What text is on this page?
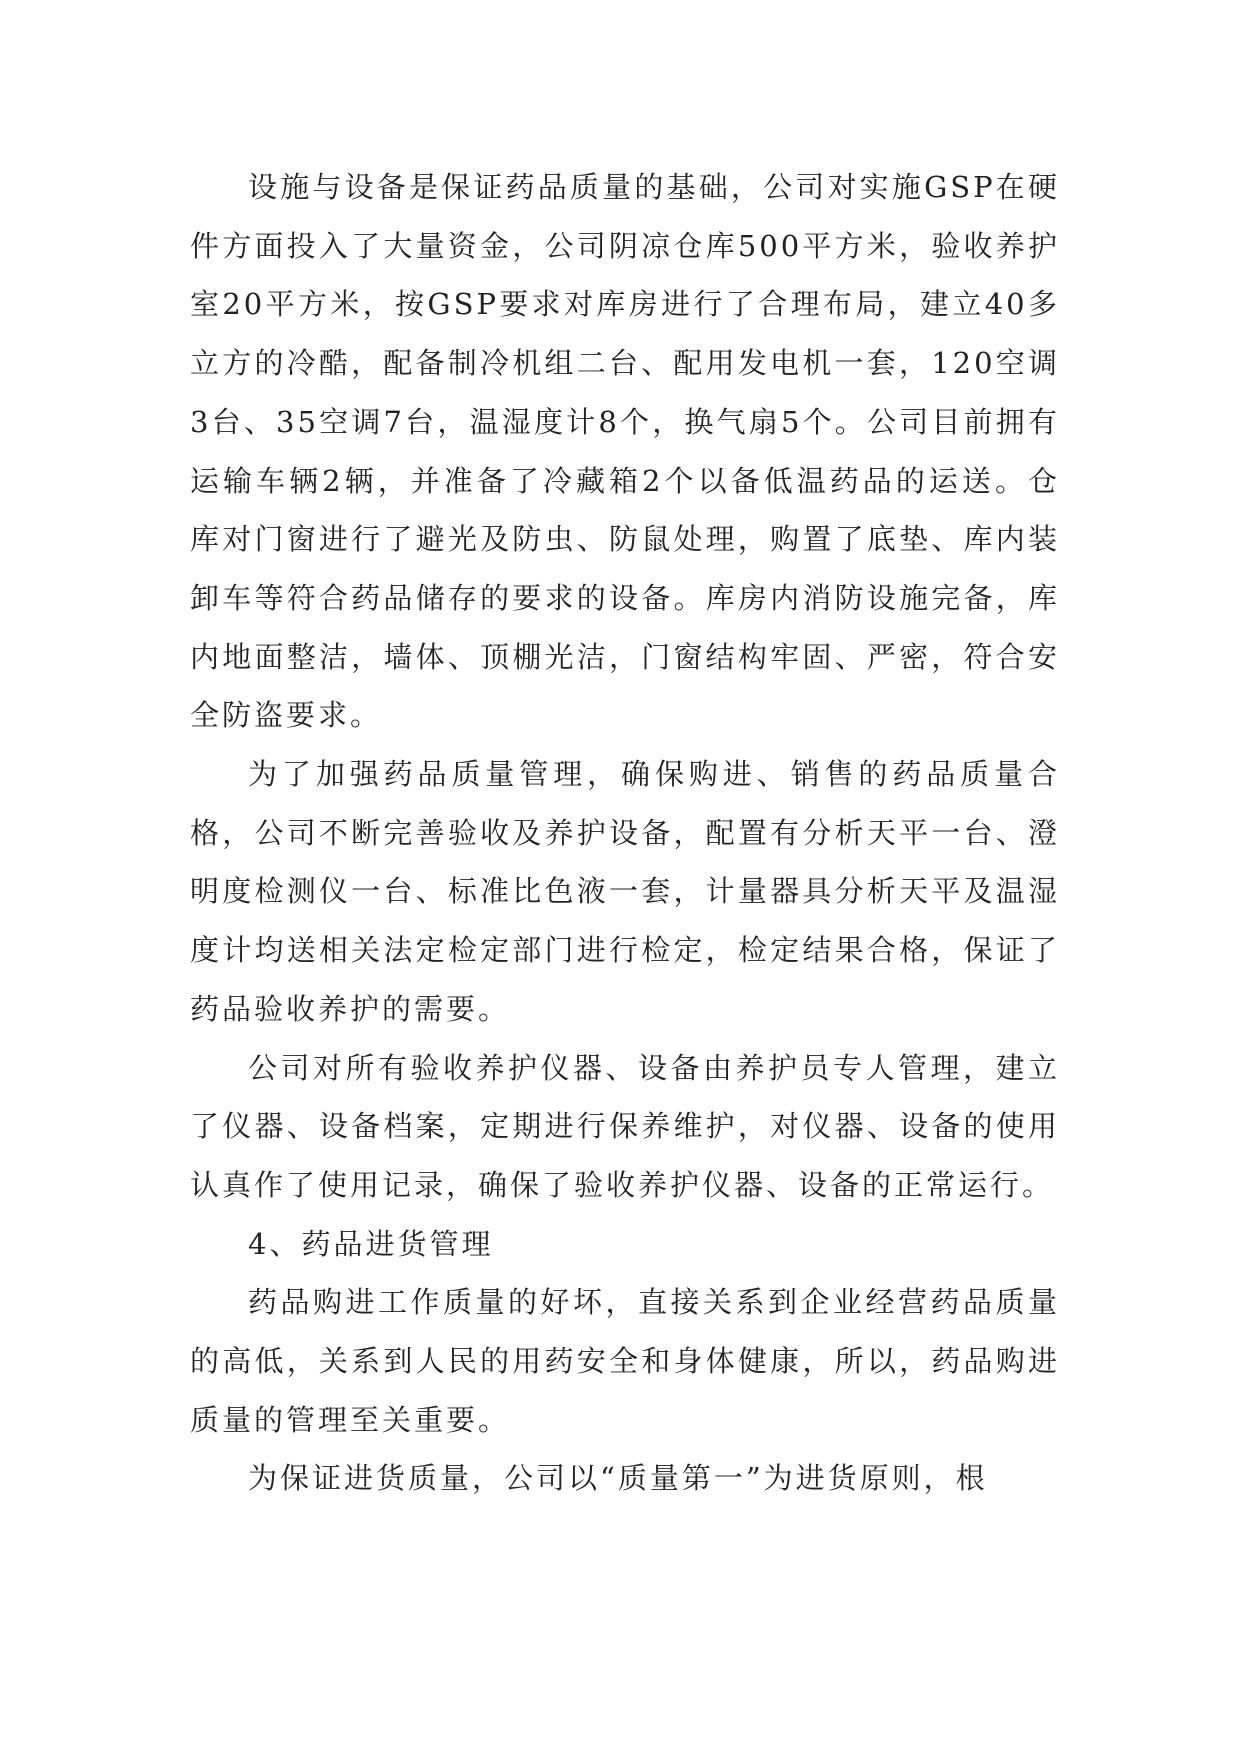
设施与设备是保证药品质量的基础，公司对实施GSP在硬件方面投入了大量资金，公司阴凉仓库500平方米，验收养护室20平方米，按GSP要求对库房进行了合理布局，建立40多立方的冷酷，配备制冷机组二台、配用发电机一套，120空调3台、35空调7台，温湿度计8个，换气扇5个。公司目前拥有运输车辆2辆，并准备了冷藏箱2个以备低温药品的运送。仓库对门窗进行了避光及防虫、防鼠处理，购置了底垫、库内装卸车等符合药品储存的要求的设备。库房内消防设施完备，库内地面整洁，墙体、顶棚光洁，门窗结构牢固、严密，符合安全防盗要求。

为了加强药品质量管理，确保购进、销售的药品质量合格，公司不断完善验收及养护设备，配置有分析天平一台、澄明度检测仪一台、标准比色液一套，计量器具分析天平及温湿度计均送相关法定检定部门进行检定，检定结果合格，保证了药品验收养护的需要。

公司对所有验收养护仪器、设备由养护员专人管理，建立了仪器、设备档案，定期进行保养维护，对仪器、设备的使用认真作了使用记录，确保了验收养护仪器、设备的正常运行。

4、药品进货管理

药品购进工作质量的好坏，直接关系到企业经营药品质量的高低，关系到人民的用药安全和身体健康，所以，药品购进质量的管理至关重要。

为保证进货质量，公司以“质量第一”为进货原则，根
